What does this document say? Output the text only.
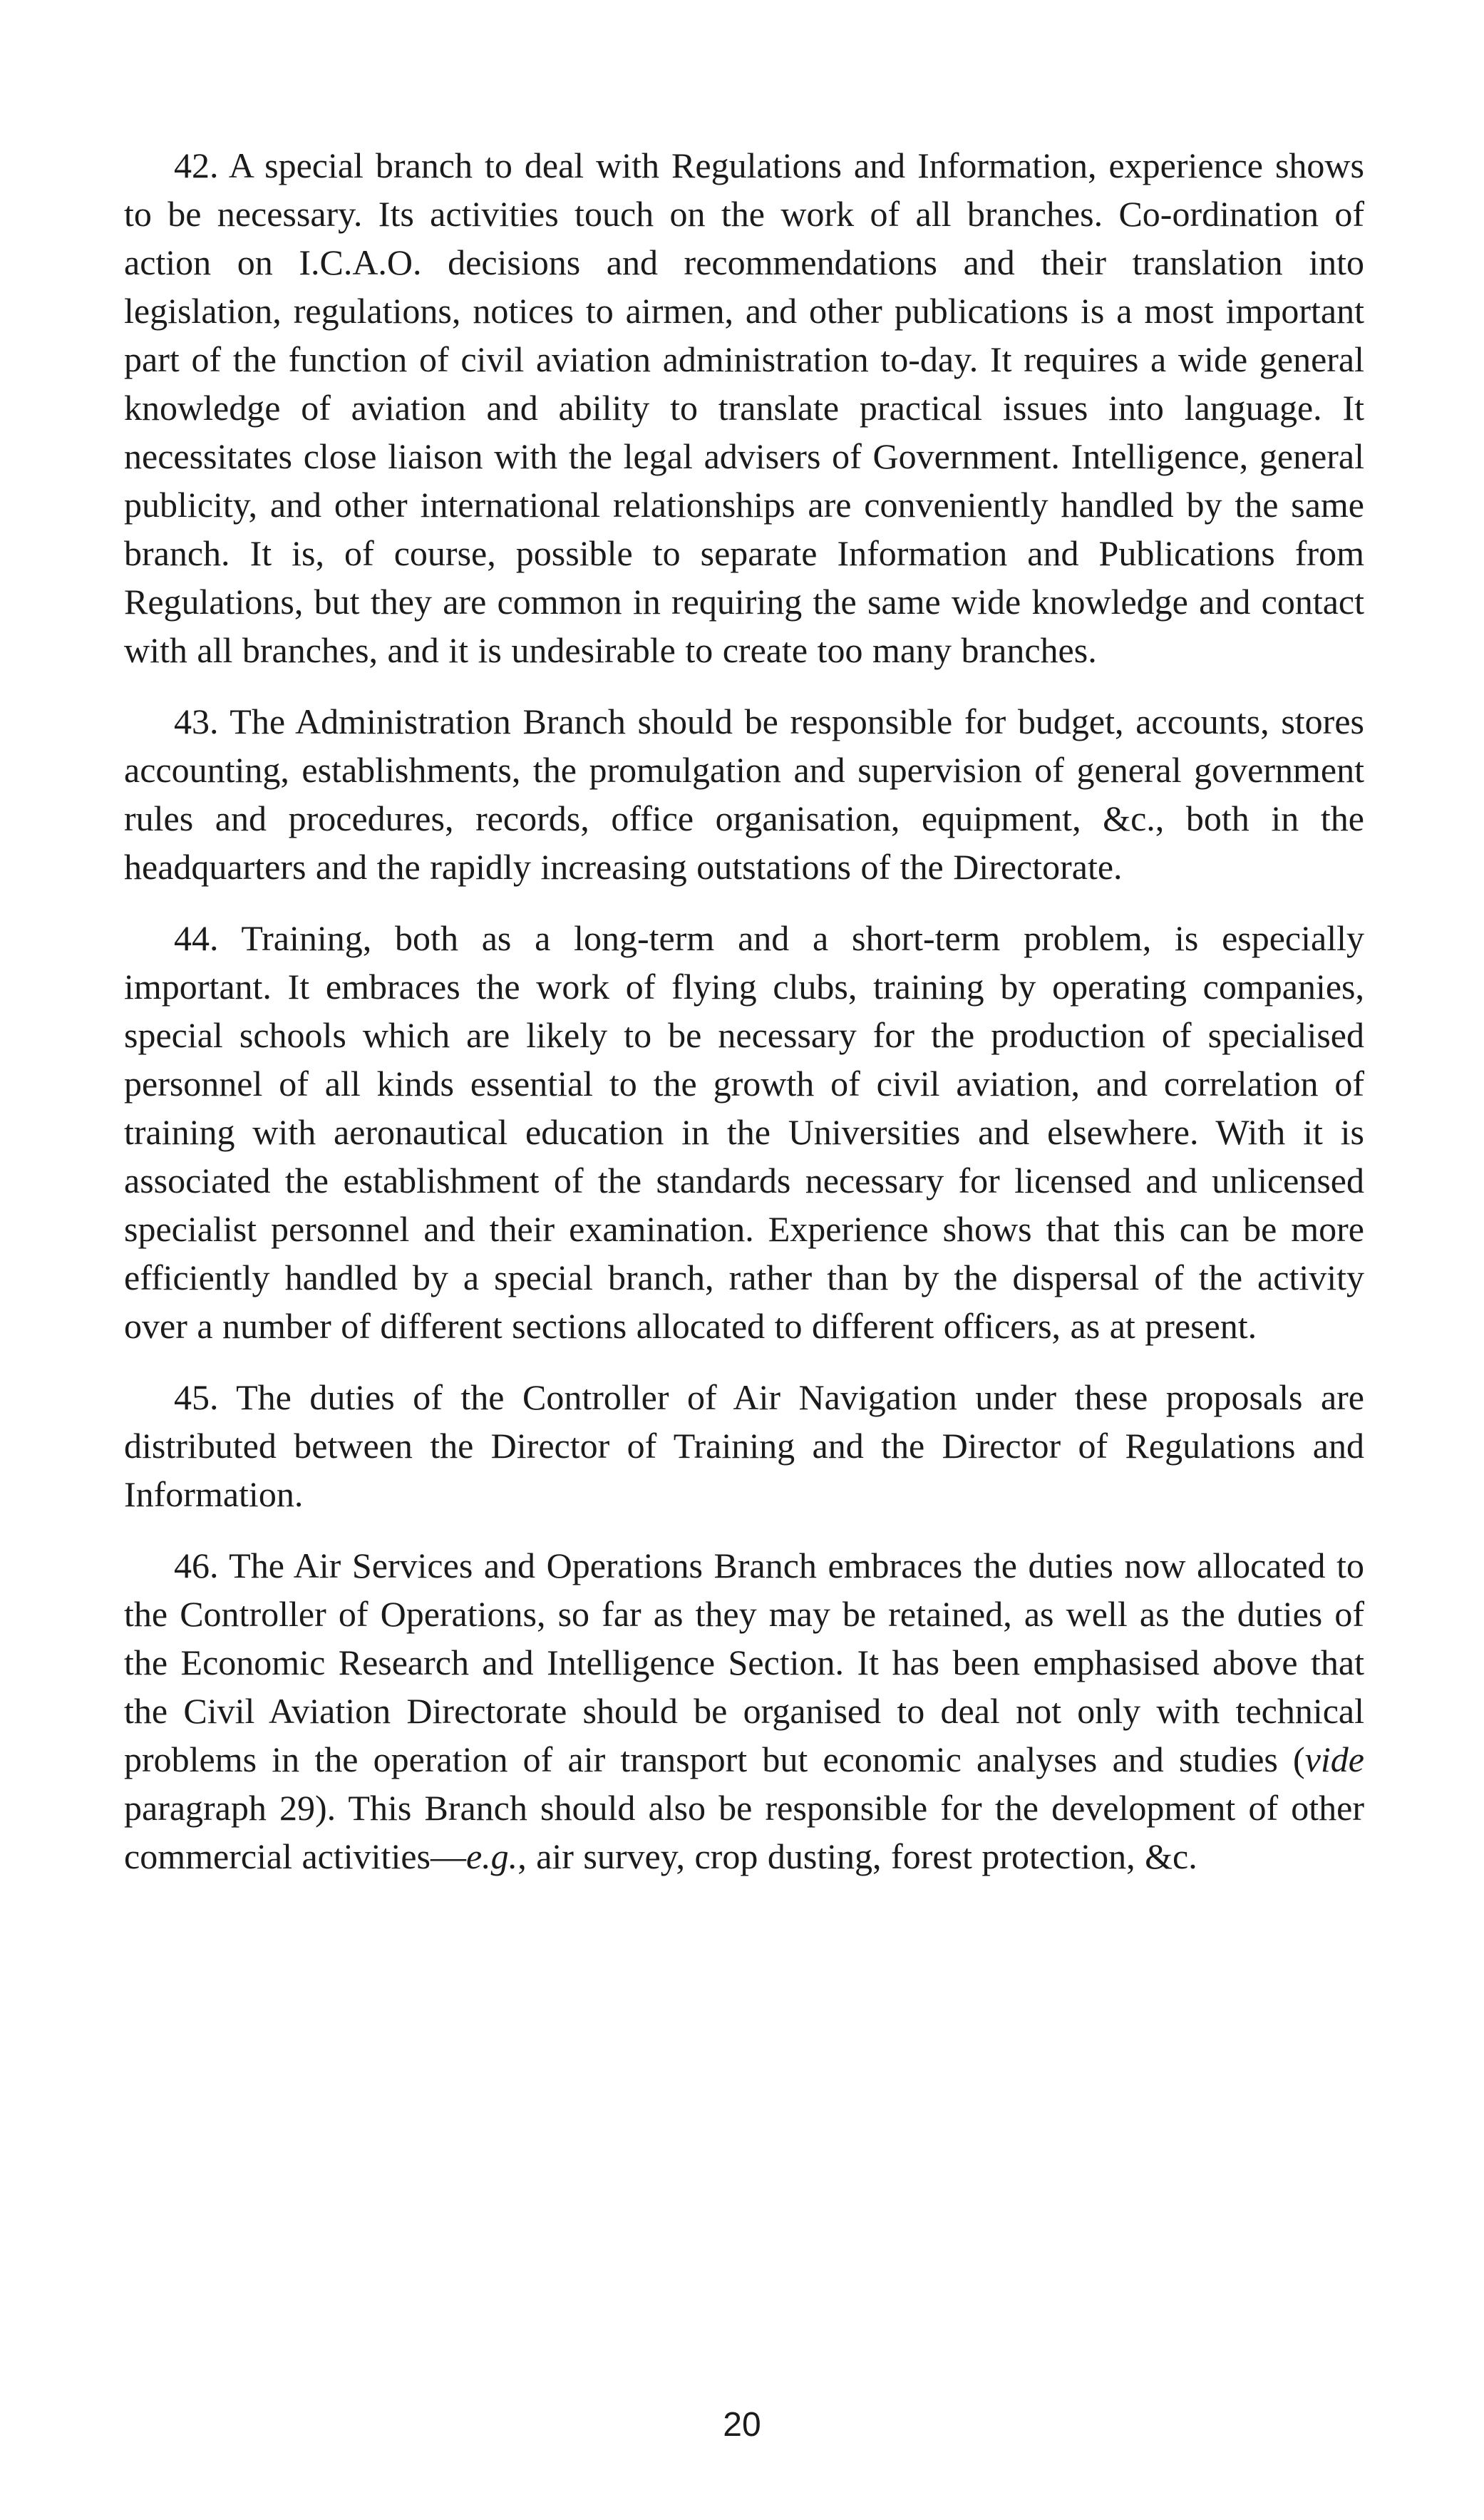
42. A special branch to deal with Regulations and Information, experience shows to be necessary. Its activities touch on the work of all branches. Co-ordination of action on I.C.A.O. decisions and recommendations and their translation into legislation, regulations, notices to airmen, and other publications is a most important part of the function of civil aviation administration to-day. It requires a wide general knowledge of aviation and ability to translate practical issues into language. It necessitates close liaison with the legal advisers of Government. Intelligence, general publicity, and other international relationships are conveniently handled by the same branch. It is, of course, possible to separate Information and Publications from Regulations, but they are common in requiring the same wide knowledge and contact with all branches, and it is undesirable to create too many branches.

43. The Administration Branch should be responsible for budget, accounts, stores accounting, establishments, the promulgation and supervision of general government rules and procedures, records, office organisation, equipment, &c., both in the headquarters and the rapidly increasing outstations of the Directorate.

44. Training, both as a long-term and a short-term problem, is especially important. It embraces the work of flying clubs, training by operating companies, special schools which are likely to be necessary for the production of specialised personnel of all kinds essential to the growth of civil aviation, and correlation of training with aeronautical education in the Universities and elsewhere. With it is associated the establishment of the standards necessary for licensed and unlicensed specialist personnel and their examination. Experience shows that this can be more efficiently handled by a special branch, rather than by the dispersal of the activity over a number of different sections allocated to different officers, as at present.

45. The duties of the Controller of Air Navigation under these proposals are distributed between the Director of Training and the Director of Regulations and Information.

46. The Air Services and Operations Branch embraces the duties now allocated to the Controller of Operations, so far as they may be retained, as well as the duties of the Economic Research and Intelligence Section. It has been emphasised above that the Civil Aviation Directorate should be organised to deal not only with technical problems in the operation of air transport but economic analyses and studies (vide paragraph 29). This Branch should also be responsible for the development of other commercial activities—e.g., air survey, crop dusting, forest protection, &c.

20
